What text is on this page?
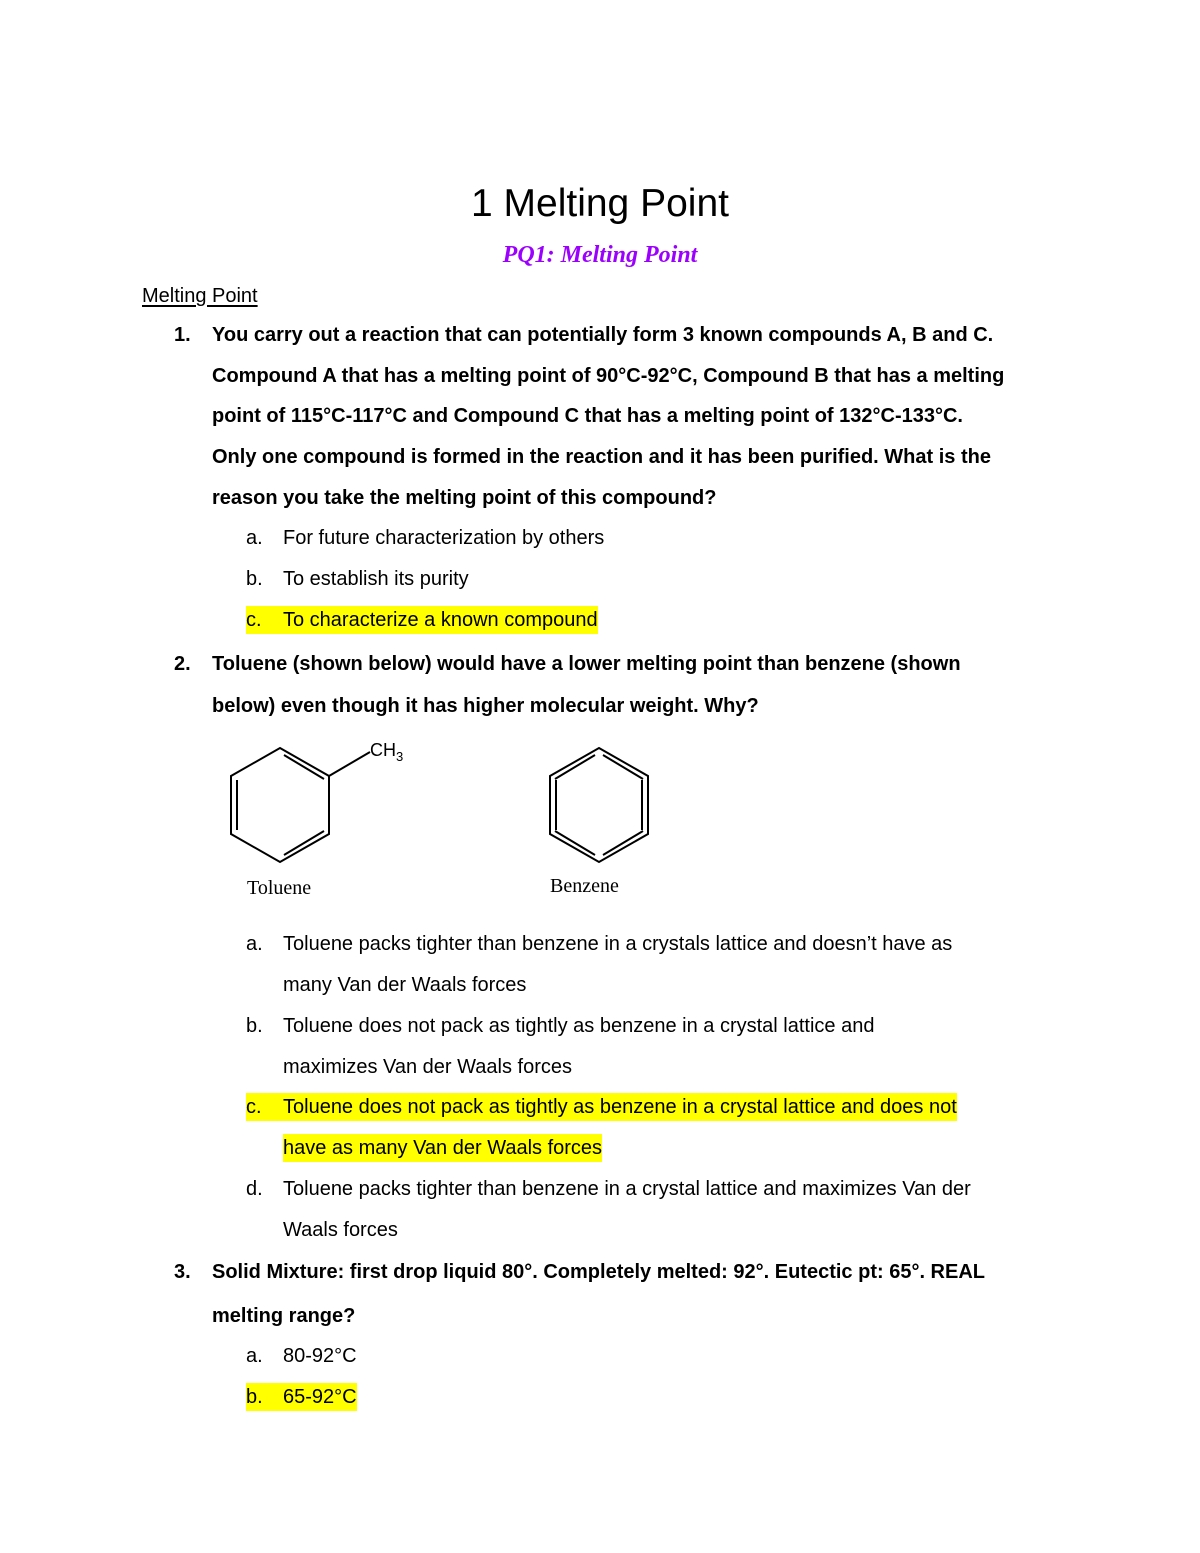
1 Melting Point
PQ1: Melting Point
Melting Point
1. You carry out a reaction that can potentially form 3 known compounds A, B and C.
Compound A that has a melting point of 90°C-92°C, Compound B that has a melting
point of 115°C-117°C and Compound C that has a melting point of 132°C-133°C.
Only one compound is formed in the reaction and it has been purified. What is the
reason you take the melting point of this compound?
a. For future characterization by others
b. To establish its purity
c.	To characterize a known compound
2. Toluene (shown below) would have a lower melting point than benzene (shown
below) even though it has higher molecular weight. Why?
$CH_3$
Toluene	Benzene
a. Toluene packs tighter than benzene in a crystals lattice and doesn’t have as
many Van der Waals forces
b. Toluene does not pack as tightly as benzene in a crystal lattice and
maximizes Van der Waals forces
c.	Toluene does not pack as tightly as benzene in a crystal lattice and does not
have as many Van der Waals forces
d. Toluene packs tighter than benzene in a crystal lattice and maximizes Van der
Waals forces
3. Solid Mixture: first drop liquid 80°. Completely melted: 92°. Eutectic pt: 65°. REAL
melting range?
a. 80-92°C
b.	65-92°C
